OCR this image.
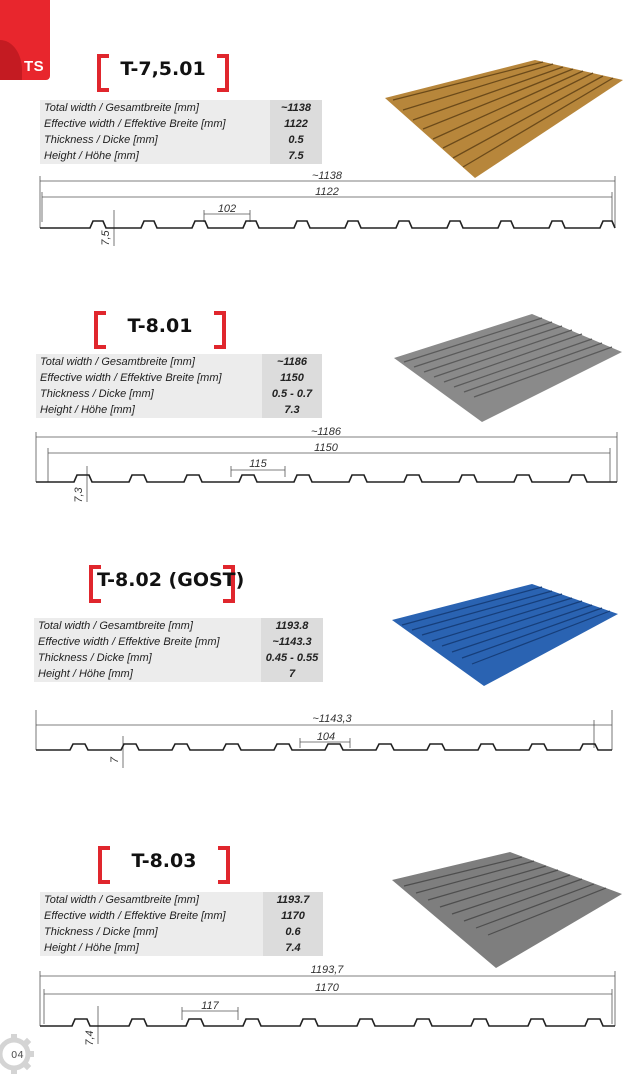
TS	T-7,5.01
Total width / Gesamtbreite [mm]	~1138
Effective width / Effektive Breite [mm]	1122
Thickness / Dicke [mm]	0.5
Height / Höhe [mm]	7.5
~1138
1122
102
7,5
T-8.01
Total width / Gesamtbreite [mm]	~1186
Effective width / Effektive Breite [mm]	1150
Thickness / Dicke [mm]	0.5 - 0.7
Height / Höhe [mm]	7.3
~1186
1150
115
7,3
T-8.02 (GOST)
Total width / Gesamtbreite [mm]	1193.8
Effective width / Effektive Breite [mm]	~1143.3
Thickness / Dicke [mm]	0.45 - 0.55
Height / Höhe [mm]	7
~1143,3
104
7
T-8.03
Total width / Gesamtbreite [mm]	1193.7
Effective width / Effektive Breite [mm]	1170
Thickness / Dicke [mm]	0.6
Height / Höhe [mm]	7.4
1193,7
1170
117
7,4
04
